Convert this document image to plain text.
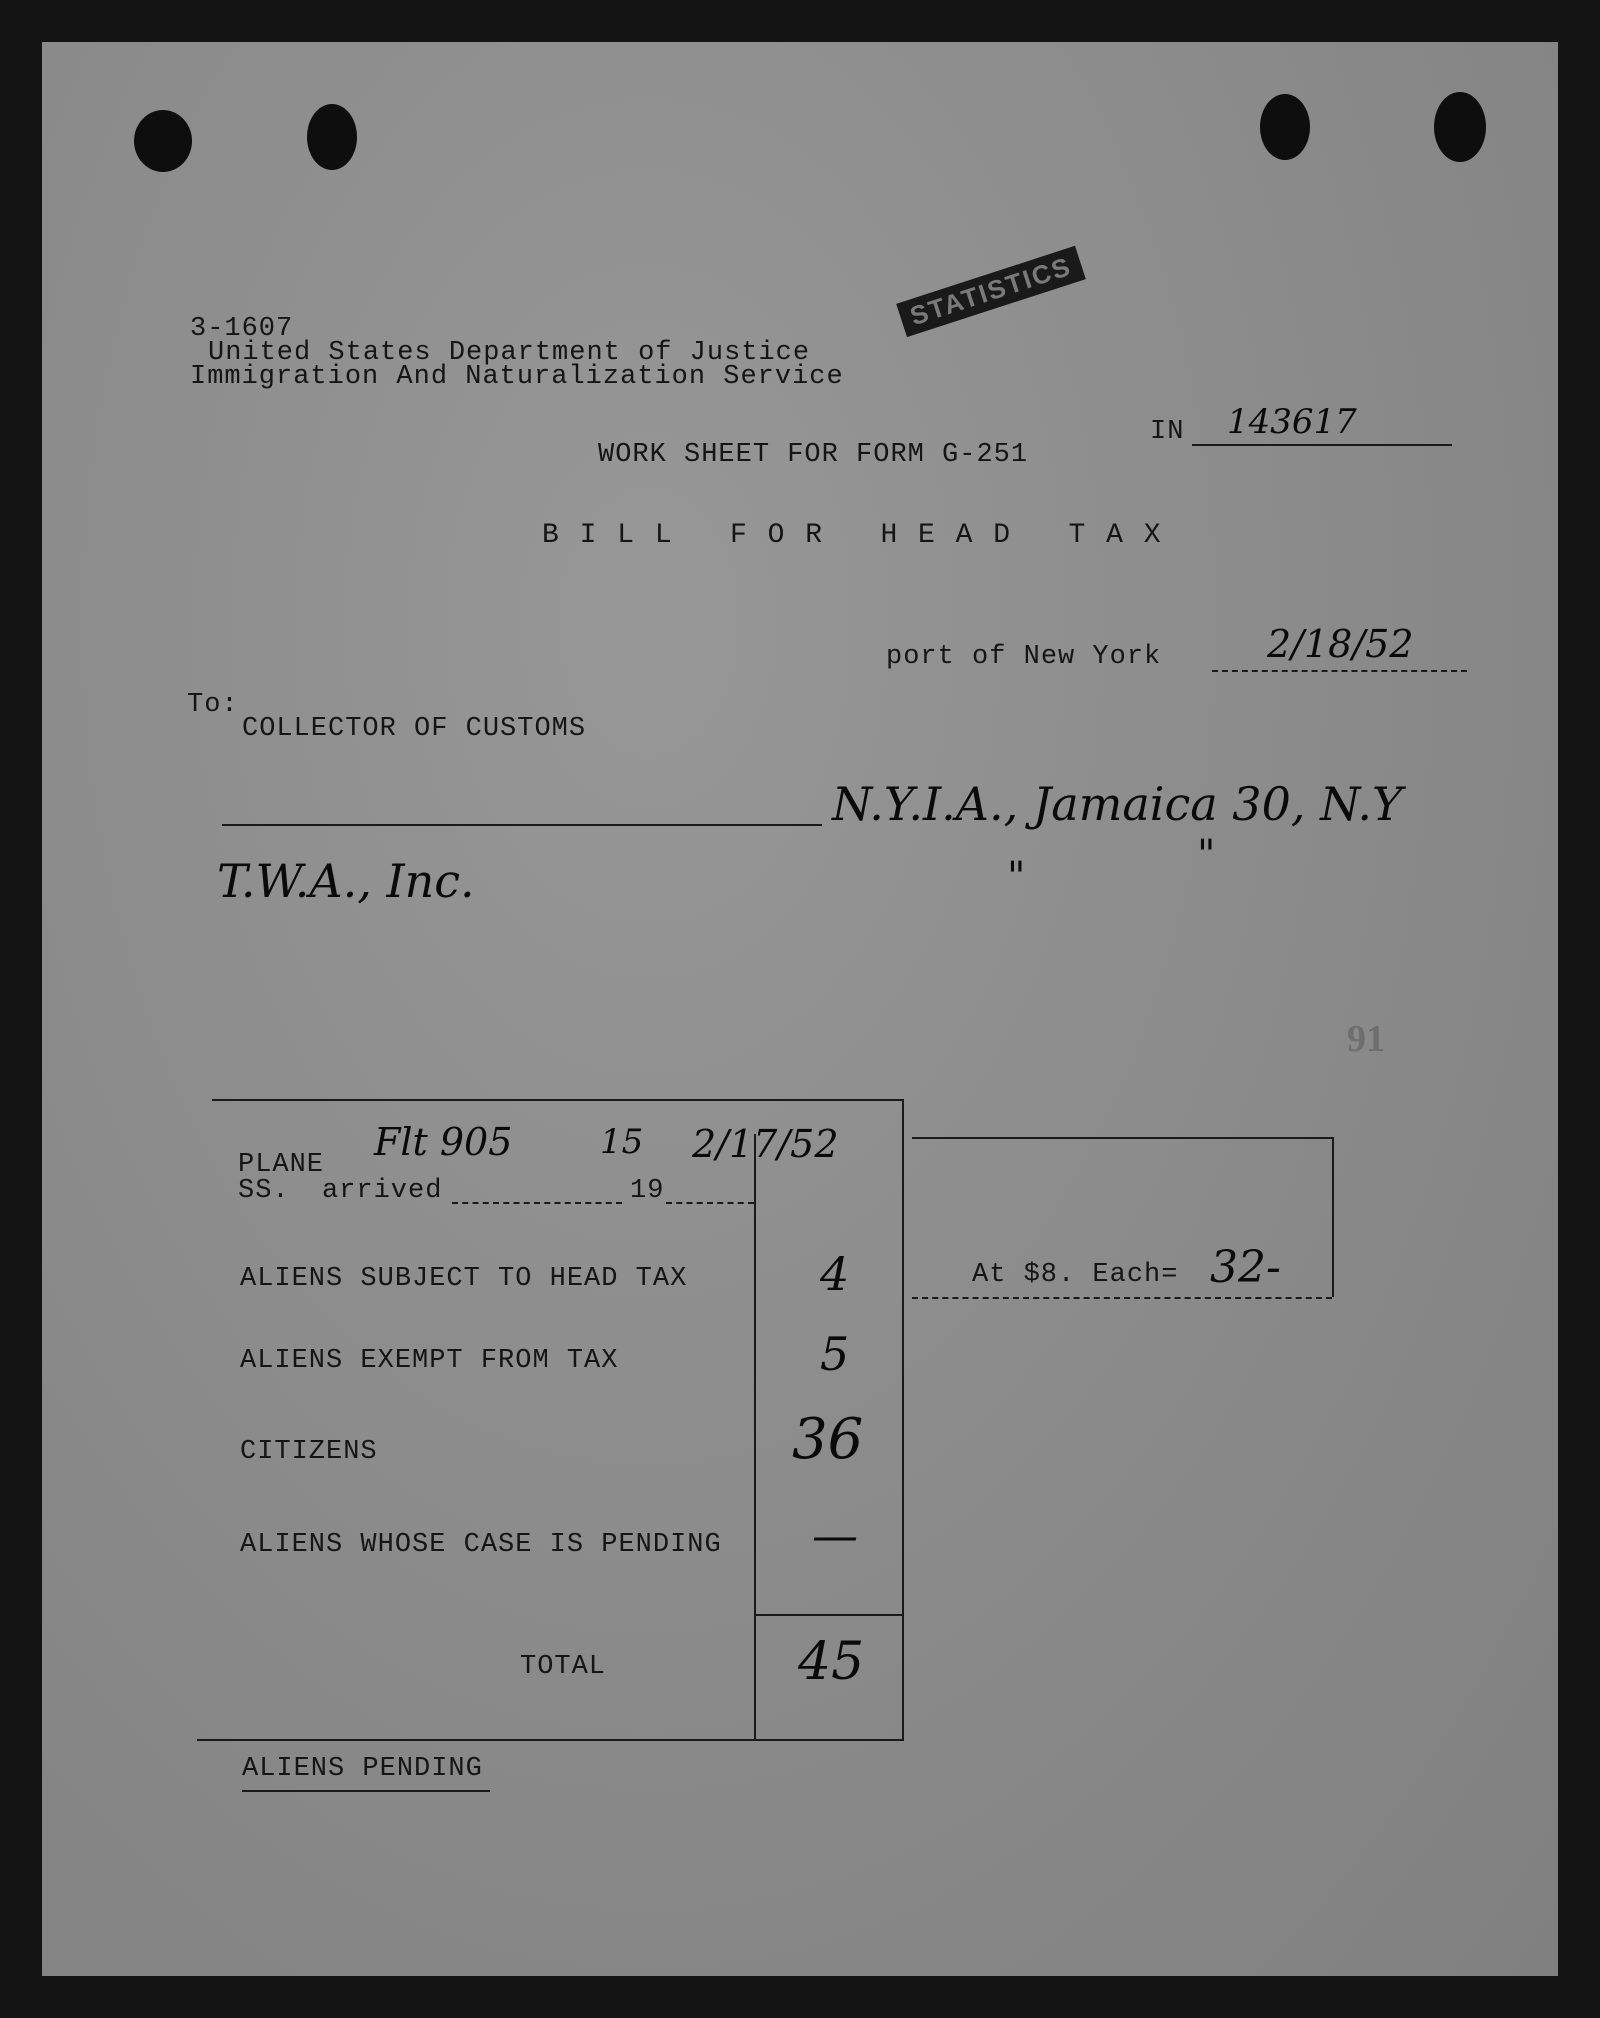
STATISTICS
3-1607
United States Department of Justice
Immigration And Naturalization Service
WORK SHEET FOR FORM G-251
IN 143617
B I L L   F O R   H E A D   T A X
port of New York	2/18/52
To:
COLLECTOR OF CUSTOMS
N.Y.I.A., Jamaica 30, N.Y
"
"
T.W.A., Inc.
91
PLANE
Flt 905	15 2/17/52
SS. arrived	19
ALIENS SUBJECT TO HEAD TAX	4
ALIENS EXEMPT FROM TAX	5
CITIZENS	36
ALIENS WHOSE CASE IS PENDING —
TOTAL	45
At $8. Each= 32-
ALIENS PENDING
